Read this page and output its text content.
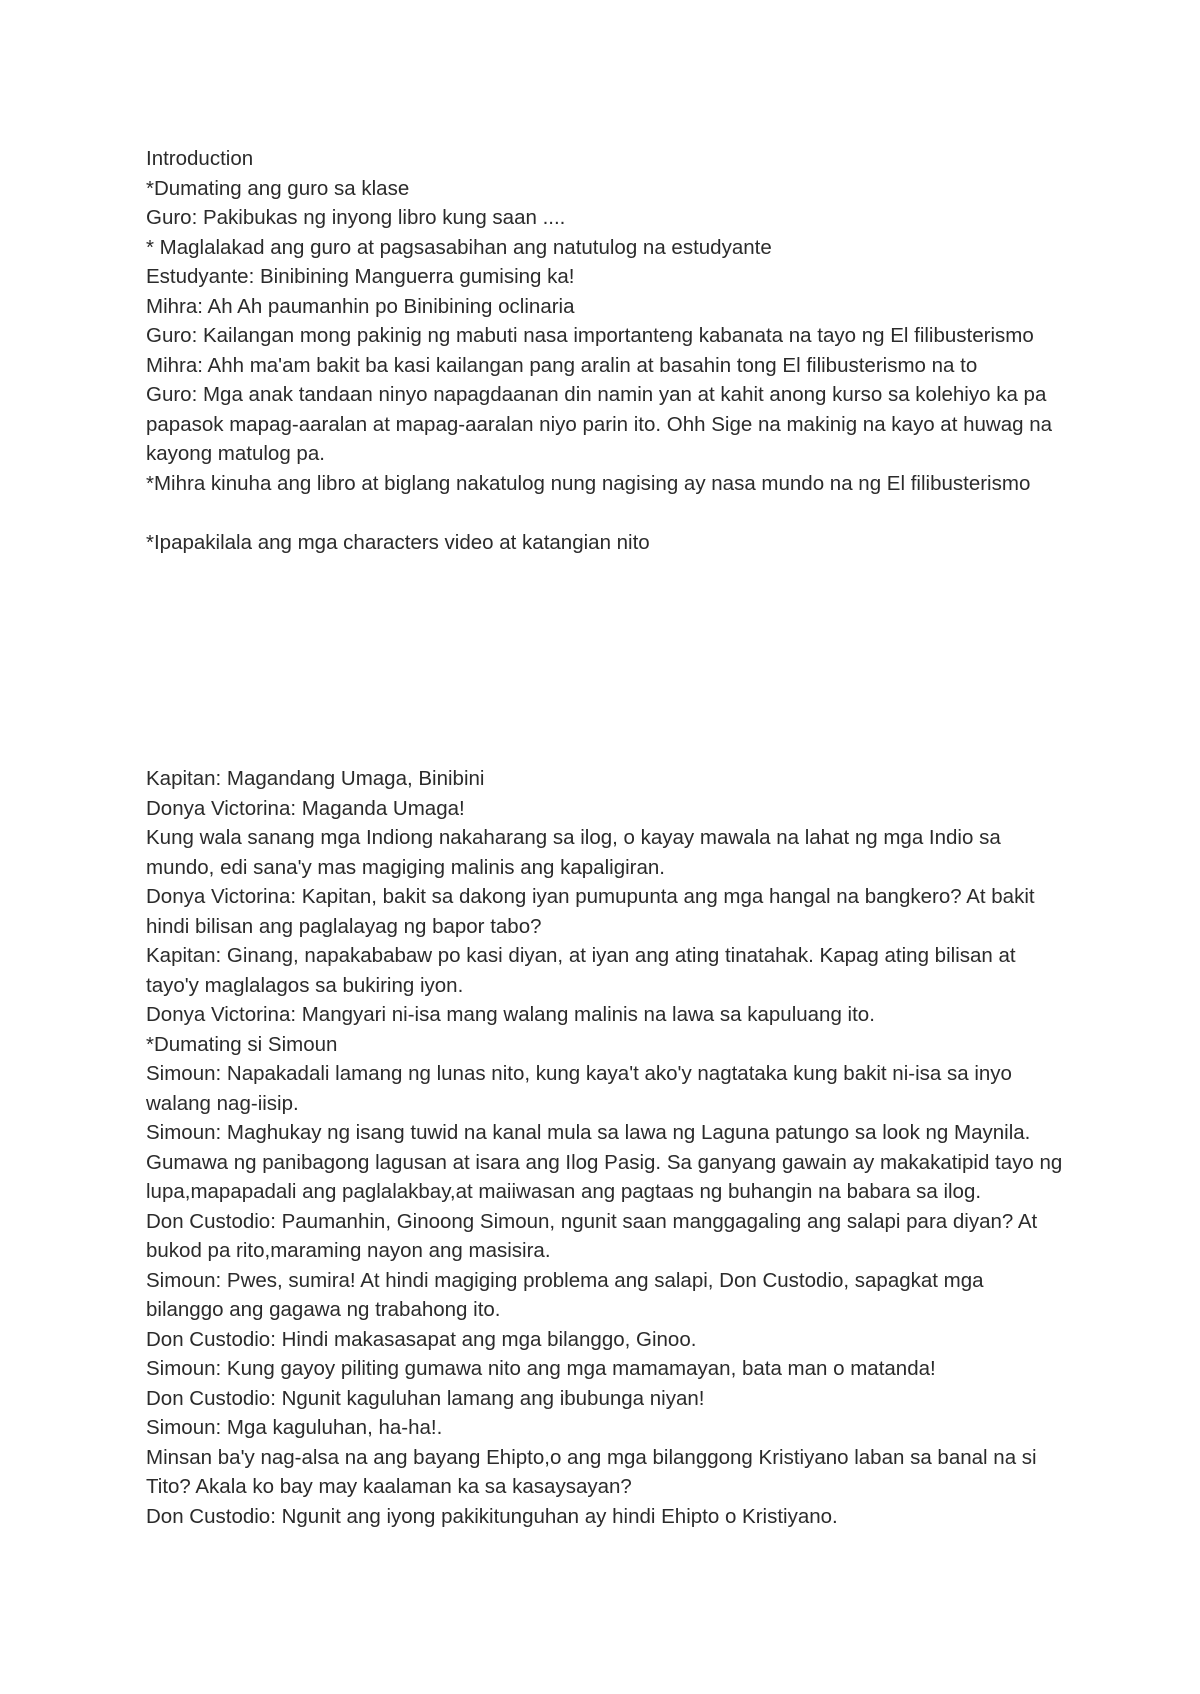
Introduction

*Dumating ang guro sa klase

Guro: Pakibukas ng inyong libro kung saan ....

* Maglalakad ang guro at pagsasabihan ang natutulog na estudyante

Estudyante: Binibining Manguerra gumising ka!

Mihra: Ah Ah paumanhin po Binibining oclinaria

Guro: Kailangan mong pakinig ng mabuti nasa importanteng kabanata na tayo ng El filibusterismo

Mihra: Ahh ma'am bakit ba kasi kailangan pang aralin at basahin tong El filibusterismo na to

Guro: Mga anak tandaan ninyo napagdaanan din namin yan at kahit anong kurso sa kolehiyo ka pa papasok mapag-aaralan at mapag-aaralan niyo parin ito. Ohh Sige na makinig na kayo at huwag na kayong matulog pa.

*Mihra kinuha ang libro at biglang nakatulog nung nagising ay nasa mundo na ng El filibusterismo

*Ipapakilala ang mga characters video at katangian nito

Kapitan: Magandang Umaga, Binibini

Donya Victorina: Maganda Umaga!

Kung wala sanang mga Indiong nakaharang sa ilog, o kayay mawala na lahat ng mga Indio sa mundo, edi sana'y mas magiging malinis ang kapaligiran.

Donya Victorina: Kapitan, bakit sa dakong iyan pumupunta ang mga hangal na bangkero? At bakit hindi bilisan ang paglalayag ng bapor tabo?

Kapitan: Ginang, napakababaw po kasi diyan, at iyan ang ating tinatahak. Kapag ating bilisan at tayo'y maglalagos sa bukiring iyon.

Donya Victorina: Mangyari ni-isa mang walang malinis na lawa sa kapuluang ito.

*Dumating si Simoun

Simoun: Napakadali lamang ng lunas nito, kung kaya't ako'y nagtataka kung bakit ni-isa sa inyo walang nag-iisip.

Simoun: Maghukay ng isang tuwid na kanal mula sa lawa ng Laguna patungo sa look ng Maynila. Gumawa ng panibagong lagusan at isara ang Ilog Pasig. Sa ganyang gawain ay makakatipid tayo ng lupa,mapapadali ang paglalakbay,at maiiwasan ang pagtaas ng buhangin na babara sa ilog.

Don Custodio: Paumanhin, Ginoong Simoun, ngunit saan manggagaling ang salapi para diyan? At bukod pa rito,maraming nayon ang masisira.

Simoun: Pwes, sumira! At hindi magiging problema ang salapi, Don Custodio, sapagkat mga bilanggo ang gagawa ng trabahong ito.

Don Custodio: Hindi makasasapat ang mga bilanggo, Ginoo.

Simoun: Kung gayoy piliting gumawa nito ang mga mamamayan, bata man o matanda!

Don Custodio: Ngunit kaguluhan lamang ang ibubunga niyan!

Simoun: Mga kaguluhan, ha-ha!.

Minsan ba'y nag-alsa na ang bayang Ehipto,o ang mga bilanggong Kristiyano laban sa banal na si Tito? Akala ko bay may kaalaman ka sa kasaysayan?

Don Custodio: Ngunit ang iyong pakikitunguhan ay hindi Ehipto o Kristiyano.
